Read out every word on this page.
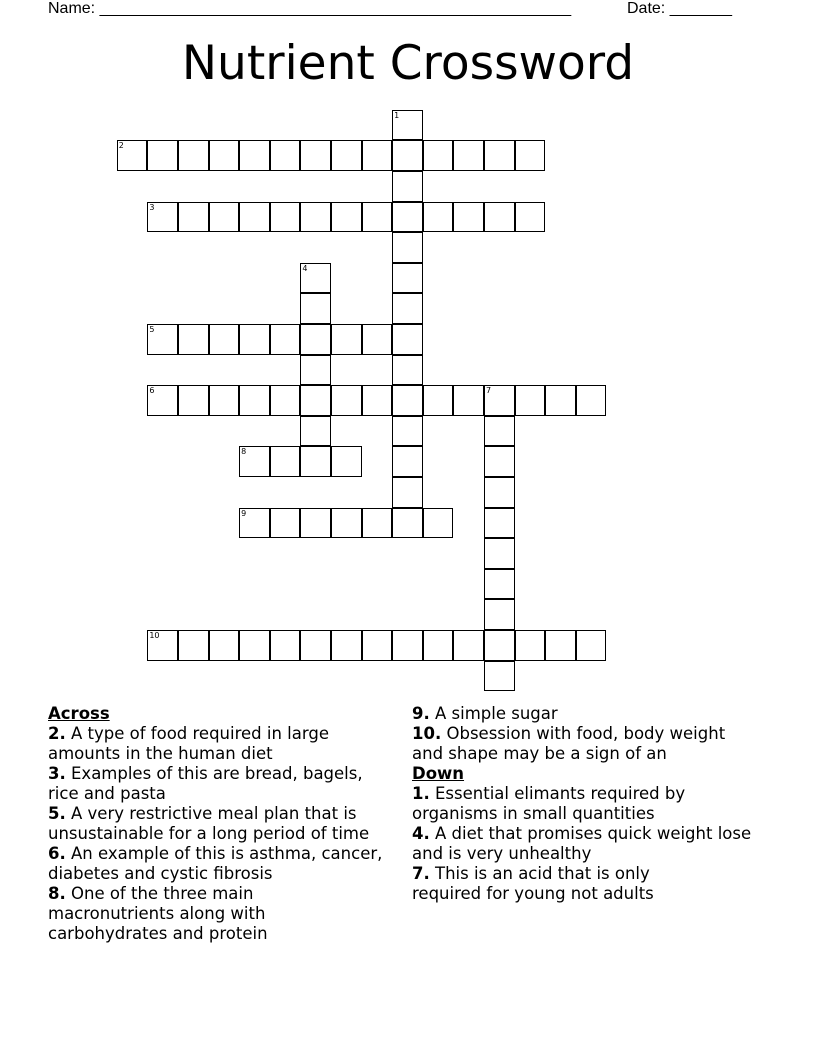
Name: _____________________________________________________	Date: _______
Nutrient Crossword
1
2
3
4
5
6	7
8
9
10
Across
2. A type of food required in large amounts in the human diet
3. Examples of this are bread, bagels, rice and pasta
5. A very restrictive meal plan that is unsustainable for a long period of time
6. An example of this is asthma, cancer, diabetes and cystic fibrosis
8. One of the three main macronutrients along with carbohydrates and protein
9. A simple sugar
10. Obsession with food, body weight and shape may be a sign of an
Down
1. Essential elimants required by organisms in small quantities
4. A diet that promises quick weight lose and is very unhealthy
7. This is an acid that is only required for young not adults
